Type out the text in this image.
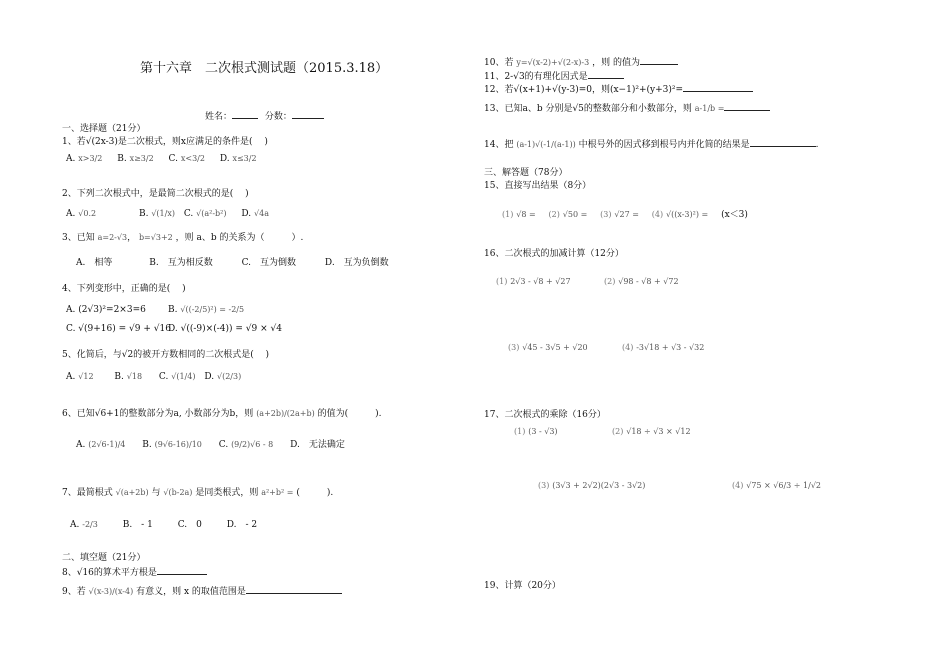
第十六章　二次根式测试题（2015.3.18）
姓名：	分数：
一、选择题（21分）
1、若√(2x-3)是二次根式，则x应满足的条件是(　 )
A. x>3/2 B. x≥3/2 C. x<3/2 D. x≤3/2
2、下列二次根式中，是最简二次根式的是(　 )
A. √0.2	B. √(1/x) C. √(a²-b²) D. √4a
3、已知 a=2-√3， b=√3+2 ，则 a、b 的关系为（　　　）.
A.　相等	B.　互为相反数	C.　互为倒数	D.　互为负倒数
4、下列变形中，正确的是(　 )
A. (2√3)²=2×3=6 B. √((-2/5)²) = -2/5
C. √(9+16) = √9 + √16
D. √((-9)×(-4)) = √9 × √4
5、化简后，与√2的被开方数相同的二次根式是(　 )
A. √12 B. √18 C. √(1/4) D. √(2/3)
6、已知√6+1的整数部分为a, 小数部分为b，则 (a+2b)/(2a+b) 的值为(　　　).
A. (2√6-1)/4 B. (9√6-16)/10 C. (9/2)√6 - 8 D.　无法确定
7、最简根式 √(a+2b) 与 √(b-2a) 是同类根式，则 a²+b² = (　　　).
A. -2/3	B.　- 1	C.　0	D.　- 2
二、填空题（21分）
8、√16的算术平方根是
9、若 √(x-3)/(x-4) 有意义，则 x 的取值范围是
10、若 y=√(x-2)+√(2-x)-3 ，则 的值为
11、2-√3的有理化因式是
12、若√(x+1)+√(y-3)=0，则(x−1)²+(y+3)²=
13、已知a、b 分别是√5的整数部分和小数部分，则 a-1/b =
14、把 (a-1)√(-1/(a-1)) 中根号外的因式移到根号内并化简的结果是	.
三、解答题（78分）
15、直接写出结果（8分）
(1) √8 = (2) √50 = (3) √27 = (4) √((x-3)²) = (x＜3)
16、二次根式的加减计算（12分）
(1) 2√3 - √8 + √27	(2) √98 - √8 + √72
(3) √45 - 3√5 + √20	(4) -3√18 + √3 - √32
17、二次根式的乘除（16分）
(1) (3 - √3)	(2) √18 ÷ √3 × √12
(3) (3√3 + 2√2)(2√3 - 3√2)	(4) √75 × √6/3 ÷ 1/√2
19、计算（20分）
